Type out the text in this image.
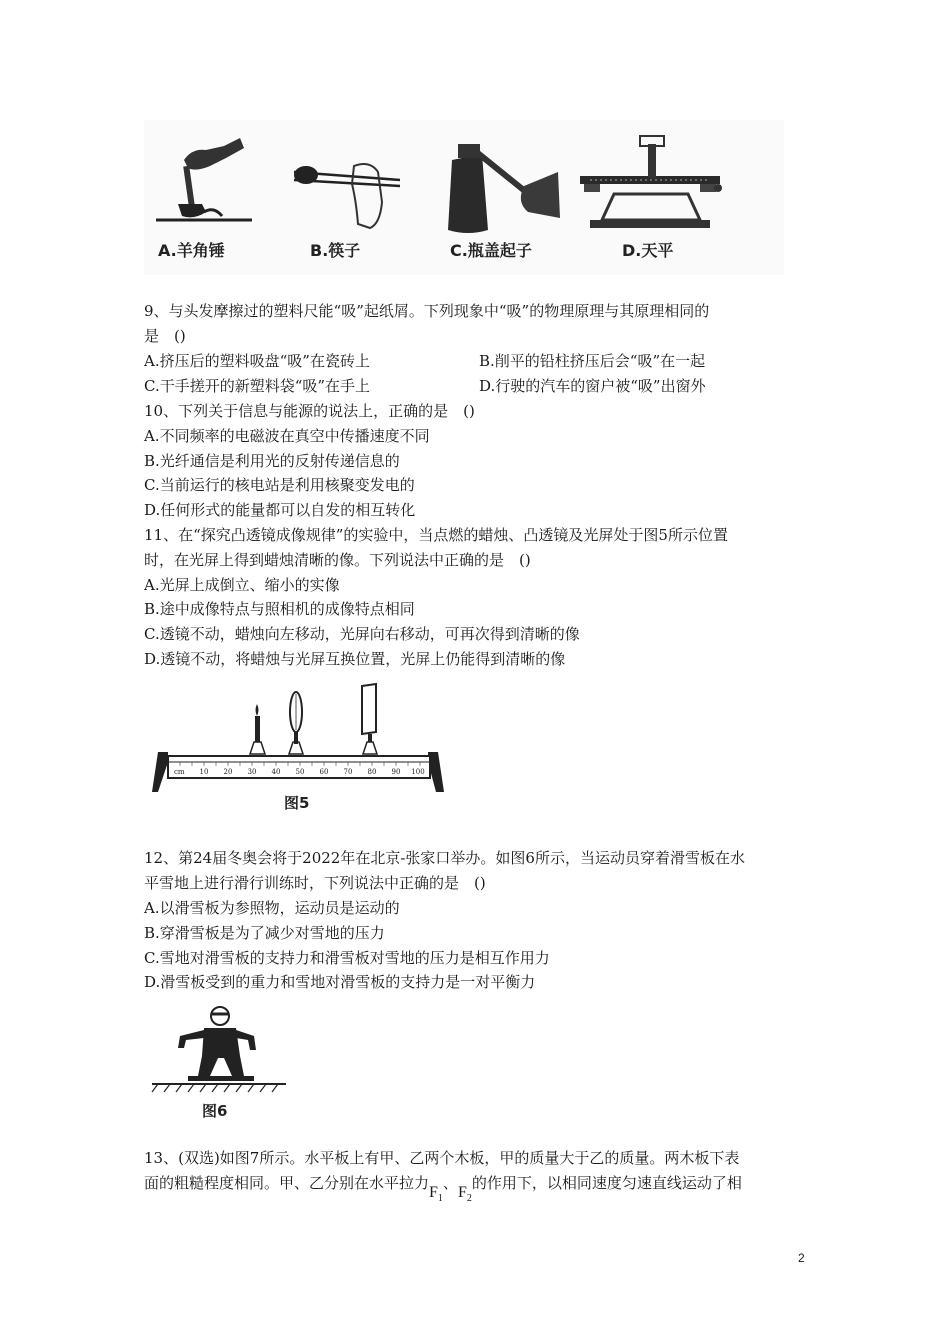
A.羊角锤	B.筷子	C.瓶盖起子	D.天平
9、与头发摩擦过的塑料尺能“吸”起纸屑。下列现象中“吸”的物理原理与其原理相同的
是　()
A.挤压后的塑料吸盘“吸”在瓷砖上	B.削平的铅柱挤压后会“吸”在一起
C.干手搓开的新塑料袋“吸”在手上	D.行驶的汽车的窗户被“吸”出窗外
10、下列关于信息与能源的说法上，正确的是　()
A.不同频率的电磁波在真空中传播速度不同
B.光纤通信是利用光的反射传递信息的
C.当前运行的核电站是利用核聚变发电的
D.任何形式的能量都可以自发的相互转化
11、在“探究凸透镜成像规律”的实验中，当点燃的蜡烛、凸透镜及光屏处于图5所示位置
时，在光屏上得到蜡烛清晰的像。下列说法中正确的是　()
A.光屏上成倒立、缩小的实像
B.途中成像特点与照相机的成像特点相同
C.透镜不动，蜡烛向左移动，光屏向右移动，可再次得到清晰的像
D.透镜不动，将蜡烛与光屏互换位置，光屏上仍能得到清晰的像
cm 10 20 30 40 50 60 70 80 90 100
图5
12、第24届冬奥会将于2022年在北京-张家口举办。如图6所示，当运动员穿着滑雪板在水
平雪地上进行滑行训练时，下列说法中正确的是　()
A.以滑雪板为参照物，运动员是运动的
B.穿滑雪板是为了减少对雪地的压力
C.雪地对滑雪板的支持力和滑雪板对雪地的压力是相互作用力
D.滑雪板受到的重力和雪地对滑雪板的支持力是一对平衡力
图6
13、(双选)如图7所示。水平板上有甲、乙两个木板，甲的质量大于乙的质量。两木板下表
面的粗糙程度相同。甲、乙分别在水平拉力$F_1$、$F_2$的作用下，以相同速度匀速直线运动了相
2
